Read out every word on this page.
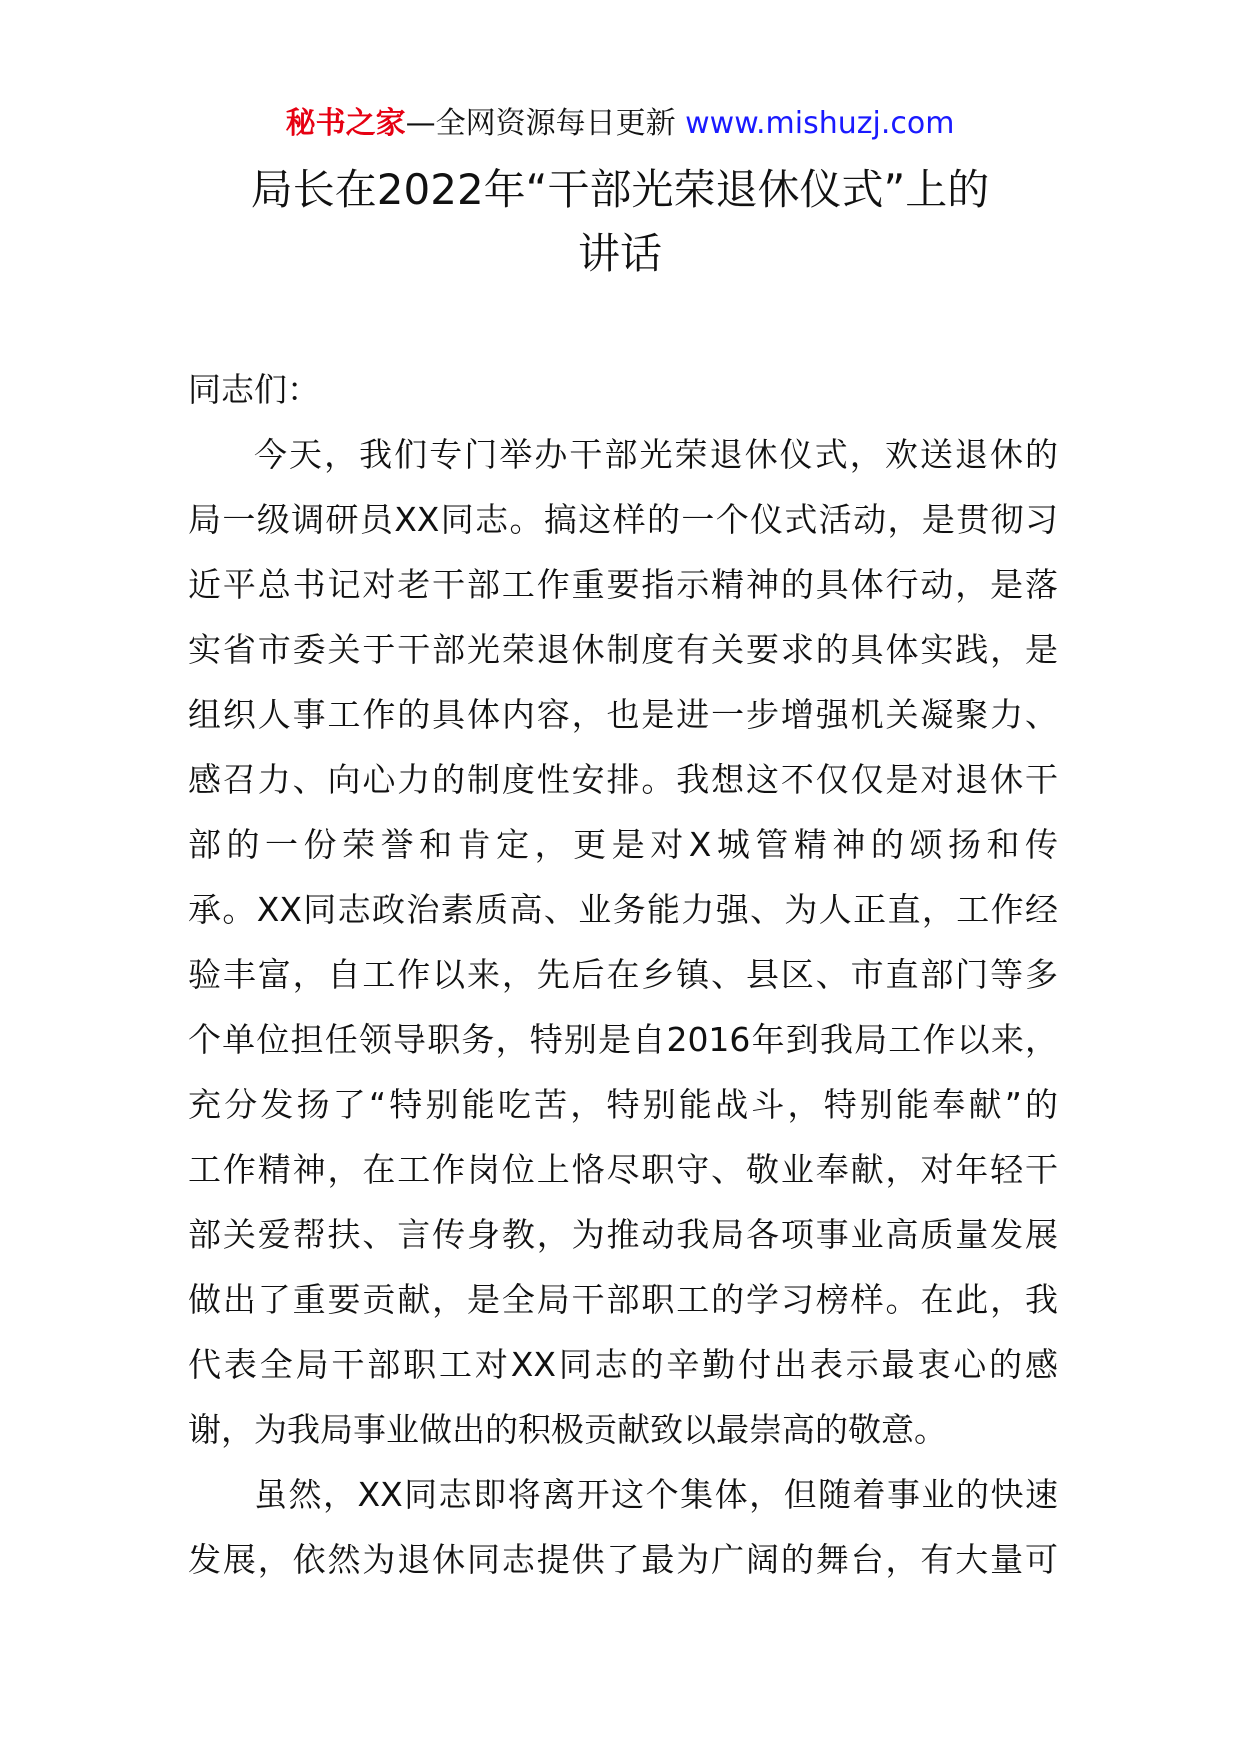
秘书之家—全网资源每日更新 www.mishuzj.com
局长在2022年“干部光荣退休仪式”上的
讲话
同志们：
今天，我们专门举办干部光荣退休仪式，欢送退休的
局一级调研员XX同志。搞这样的一个仪式活动，是贯彻习
近平总书记对老干部工作重要指示精神的具体行动，是落
实省市委关于干部光荣退休制度有关要求的具体实践，是
组织人事工作的具体内容，也是进一步增强机关凝聚力、
感召力、向心力的制度性安排。我想这不仅仅是对退休干
部的一份荣誉和肯定，更是对X城管精神的颂扬和传
承。XX同志政治素质高、业务能力强、为人正直，工作经
验丰富，自工作以来，先后在乡镇、县区、市直部门等多
个单位担任领导职务，特别是自2016年到我局工作以来，
充分发扬了“特别能吃苦，特别能战斗，特别能奉献”的
工作精神，在工作岗位上恪尽职守、敬业奉献，对年轻干
部关爱帮扶、言传身教，为推动我局各项事业高质量发展
做出了重要贡献，是全局干部职工的学习榜样。在此，我
代表全局干部职工对XX同志的辛勤付出表示最衷心的感
谢，为我局事业做出的积极贡献致以最崇高的敬意。
虽然，XX同志即将离开这个集体，但随着事业的快速
发展，依然为退休同志提供了最为广阔的舞台，有大量可
